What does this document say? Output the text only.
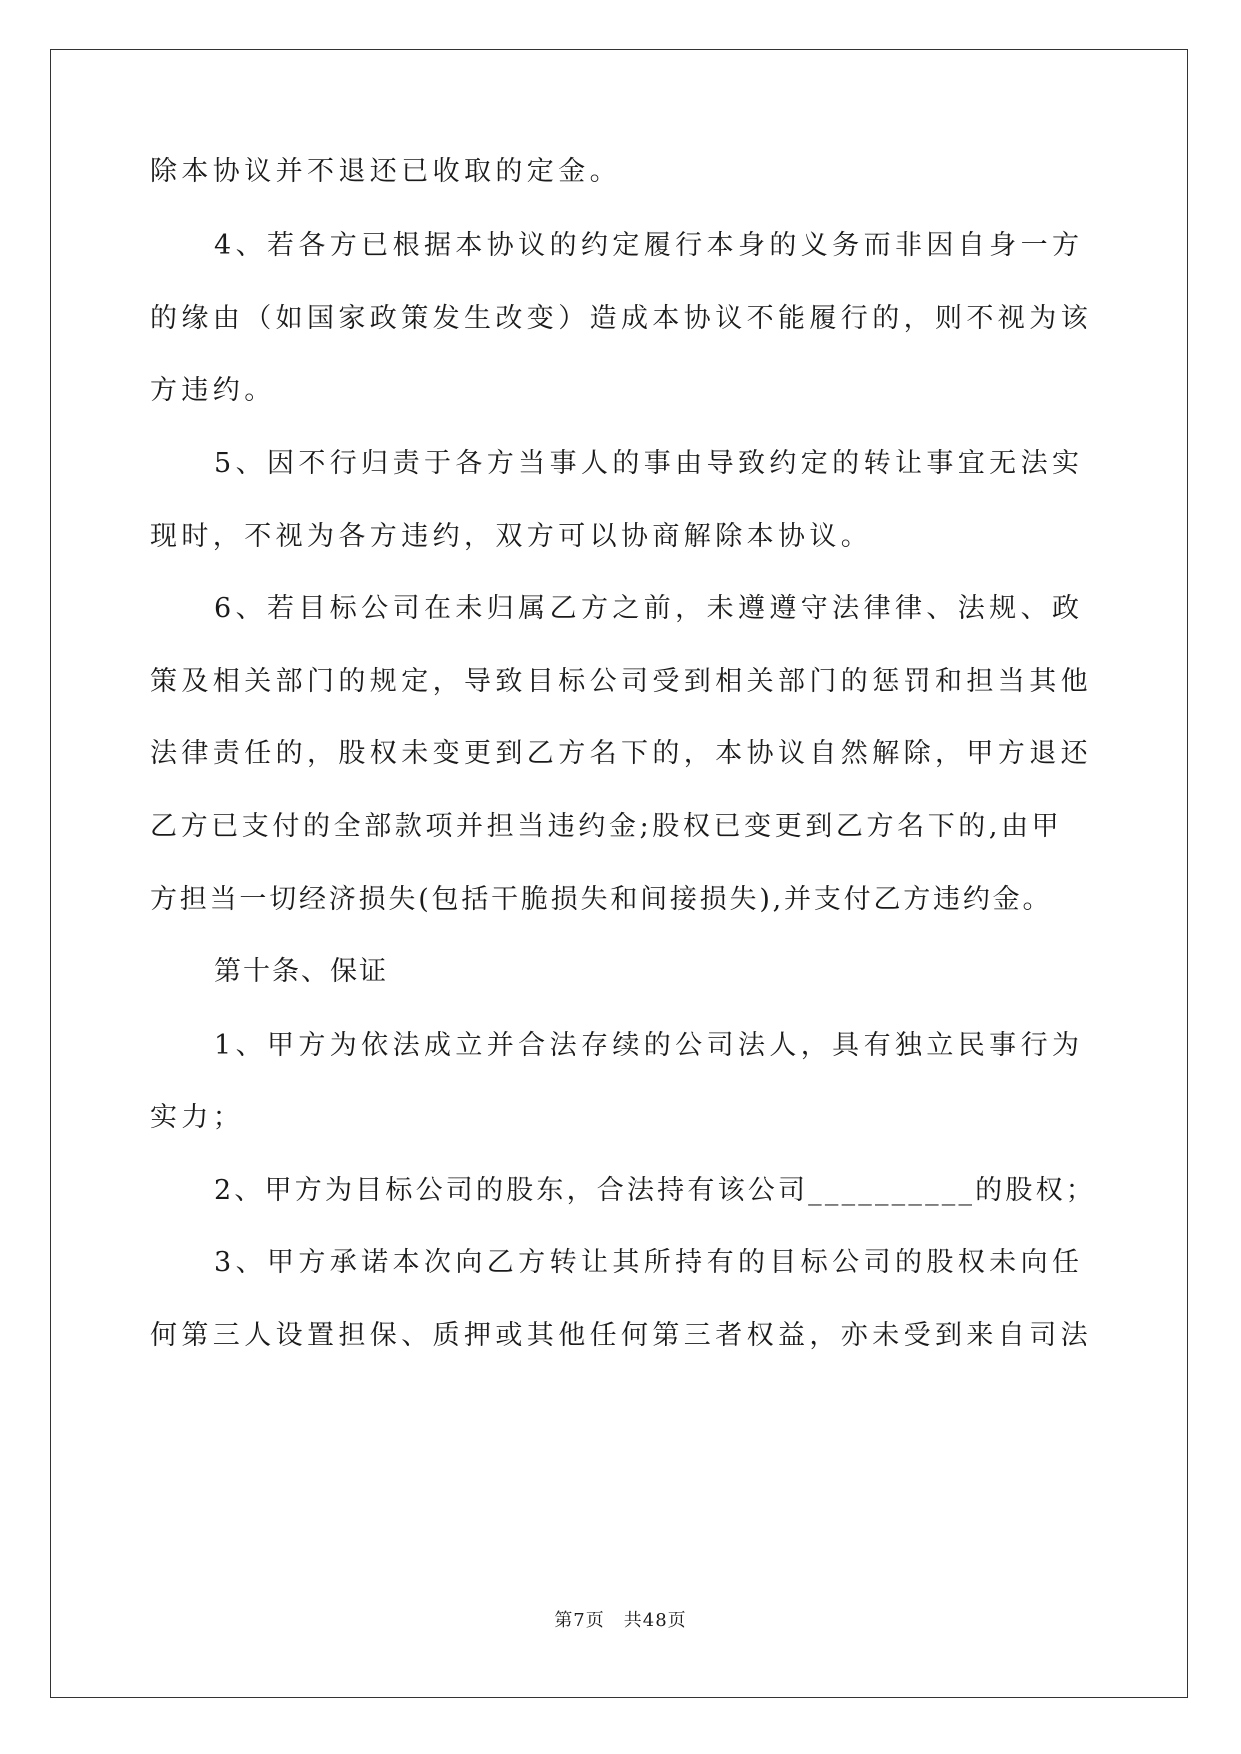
除本协议并不退还已收取的定金。
4、若各方已根据本协议的约定履行本身的义务而非因自身一方
的缘由（如国家政策发生改变）造成本协议不能履行的，则不视为该
方违约。
5、因不行归责于各方当事人的事由导致约定的转让事宜无法实
现时，不视为各方违约，双方可以协商解除本协议。
6、若目标公司在未归属乙方之前，未遵遵守法律律、法规、政
策及相关部门的规定，导致目标公司受到相关部门的惩罚和担当其他
法律责任的，股权未变更到乙方名下的，本协议自然解除，甲方退还
乙方已支付的全部款项并担当违约金;股权已变更到乙方名下的,由甲
方担当一切经济损失(包括干脆损失和间接损失),并支付乙方违约金。
第十条、保证
1、甲方为依法成立并合法存续的公司法人，具有独立民事行为
实力；
2、甲方为目标公司的股东，合法持有该公司__________的股权；
3、甲方承诺本次向乙方转让其所持有的目标公司的股权未向任
何第三人设置担保、质押或其他任何第三者权益，亦未受到来自司法
第7页　共48页
